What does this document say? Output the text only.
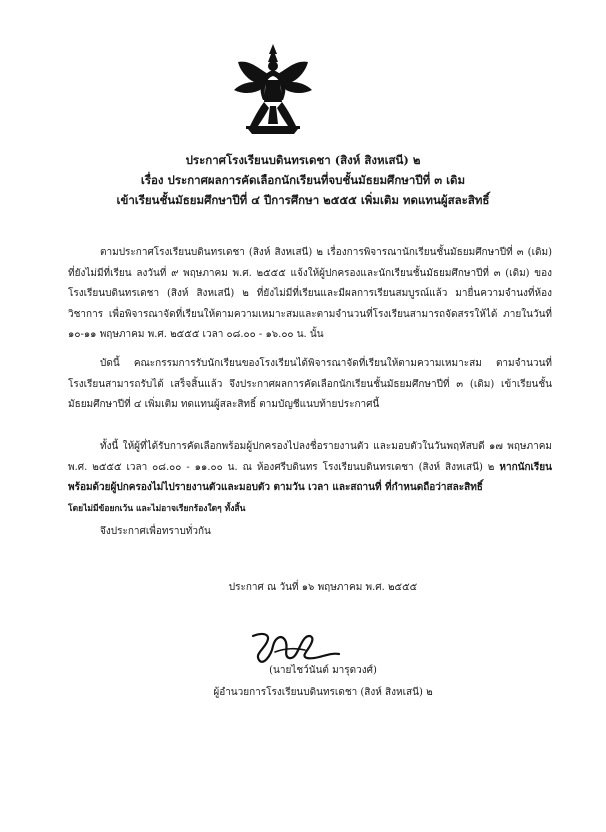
ประกาศโรงเรียนบดินทรเดชา (สิงห์ สิงหเสนี) ๒
เรื่อง ประกาศผลการคัดเลือกนักเรียนที่จบชั้นมัธยมศึกษาปีที่ ๓ เดิม
เข้าเรียนชั้นมัธยมศึกษาปีที่ ๔ ปีการศึกษา ๒๕๕๕ เพิ่มเติม ทดแทนผู้สละสิทธิ์
ตามประกาศโรงเรียนบดินทรเดชา (สิงห์ สิงหเสนี) ๒ เรื่องการพิจารณานักเรียนชั้นมัธยมศึกษาปีที่ ๓ (เดิม) ที่ยังไม่มีที่เรียน ลงวันที่ ๙ พฤษภาคม พ.ศ. ๒๕๕๕ แจ้งให้ผู้ปกครองและนักเรียนชั้นมัธยมศึกษาปีที่ ๓ (เดิม) ของโรงเรียนบดินทรเดชา (สิงห์ สิงหเสนี) ๒ ที่ยังไม่มีที่เรียนและมีผลการเรียนสมบูรณ์แล้ว มายื่นความจำนงที่ห้องวิชาการ เพื่อพิจารณาจัดที่เรียนให้ตามความเหมาะสมและตามจำนวนที่โรงเรียนสามารถจัดสรรให้ได้ ภายในวันที่ ๑๐-๑๑ พฤษภาคม พ.ศ. ๒๕๕๕ เวลา ๐๘.๐๐ - ๑๖.๐๐ น. นั้น
บัดนี้ คณะกรรมการรับนักเรียนของโรงเรียนได้พิจารณาจัดที่เรียนให้ตามความเหมาะสม ตามจำนวนที่โรงเรียนสามารถรับได้ เสร็จสิ้นแล้ว จึงประกาศผลการคัดเลือกนักเรียนชั้นมัธยมศึกษาปีที่ ๓ (เดิม) เข้าเรียนชั้นมัธยมศึกษาปีที่ ๔ เพิ่มเติม ทดแทนผู้สละสิทธิ์ ตามบัญชีแนบท้ายประกาศนี้
ทั้งนี้ ให้ผู้ที่ได้รับการคัดเลือกพร้อมผู้ปกครองไปลงชื่อรายงานตัว และมอบตัวในวันพฤหัสบดี ๑๗ พฤษภาคม พ.ศ. ๒๕๕๕ เวลา ๐๘.๐๐ - ๑๑.๐๐ น. ณ ห้องศรีบดินทร โรงเรียนบดินทรเดชา (สิงห์ สิงหเสนี) ๒ หากนักเรียนพร้อมด้วยผู้ปกครองไม่ไปรายงานตัวและมอบตัว ตามวัน เวลา และสถานที่ ที่กำหนดถือว่าสละสิทธิ์
โดยไม่มีข้อยกเว้น และไม่อาจเรียกร้องใดๆ ทั้งสิ้น
จึงประกาศเพื่อทราบทั่วกัน
ประกาศ ณ วันที่ ๑๖ พฤษภาคม พ.ศ. ๒๕๕๕
(นายไชว์นันต์ มารุดวงศ์)
ผู้อำนวยการโรงเรียนบดินทรเดชา (สิงห์ สิงหเสนี) ๒
